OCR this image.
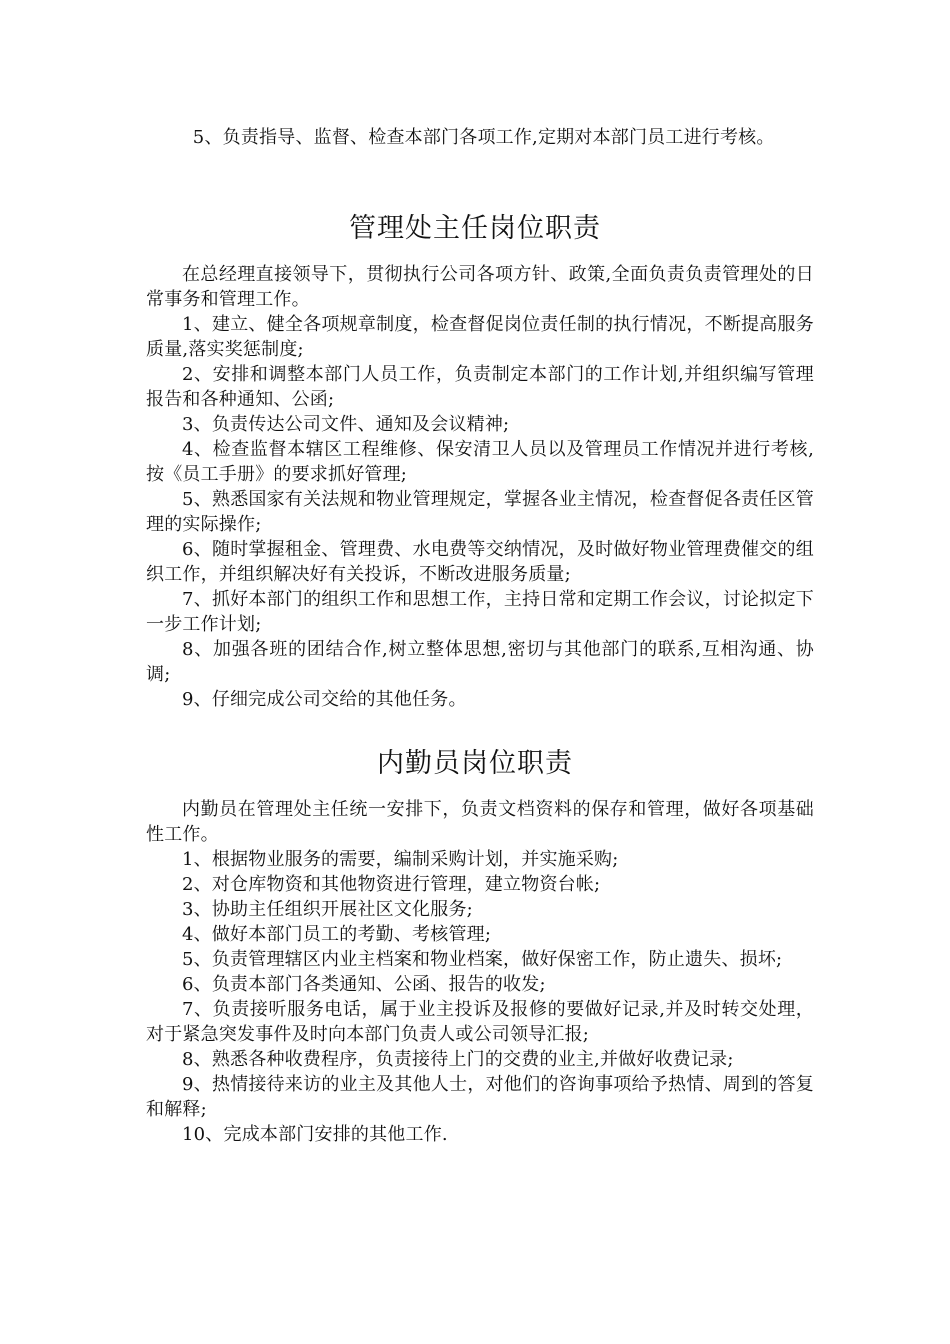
5、负责指导、监督、检查本部门各项工作,定期对本部门员工进行考核。

管理处主任岗位职责

在总经理直接领导下，贯彻执行公司各项方针、政策,全面负责负责管理处的日常事务和管理工作。

1、建立、健全各项规章制度，检查督促岗位责任制的执行情况，不断提高服务质量,落实奖惩制度;

2、安排和调整本部门人员工作，负责制定本部门的工作计划,并组织编写管理报告和各种通知、公函;

3、负责传达公司文件、通知及会议精神;

4、检查监督本辖区工程维修、保安清卫人员以及管理员工作情况并进行考核,按《员工手册》的要求抓好管理;

5、熟悉国家有关法规和物业管理规定，掌握各业主情况，检查督促各责任区管理的实际操作;

6、随时掌握租金、管理费、水电费等交纳情况，及时做好物业管理费催交的组织工作，并组织解决好有关投诉，不断改进服务质量;

7、抓好本部门的组织工作和思想工作，主持日常和定期工作会议，讨论拟定下一步工作计划;

8、加强各班的团结合作,树立整体思想,密切与其他部门的联系,互相沟通、协调;

9、仔细完成公司交给的其他任务。

内勤员岗位职责

内勤员在管理处主任统一安排下，负责文档资料的保存和管理，做好各项基础性工作。

1、根据物业服务的需要，编制采购计划，并实施采购;

2、对仓库物资和其他物资进行管理，建立物资台帐;

3、协助主任组织开展社区文化服务;

4、做好本部门员工的考勤、考核管理;

5、负责管理辖区内业主档案和物业档案，做好保密工作，防止遗失、损坏;

6、负责本部门各类通知、公函、报告的收发;

7、负责接听服务电话，属于业主投诉及报修的要做好记录,并及时转交处理，对于紧急突发事件及时向本部门负责人或公司领导汇报;

8、熟悉各种收费程序，负责接待上门的交费的业主,并做好收费记录;

9、热情接待来访的业主及其他人士，对他们的咨询事项给予热情、周到的答复和解释;

10、完成本部门安排的其他工作.
